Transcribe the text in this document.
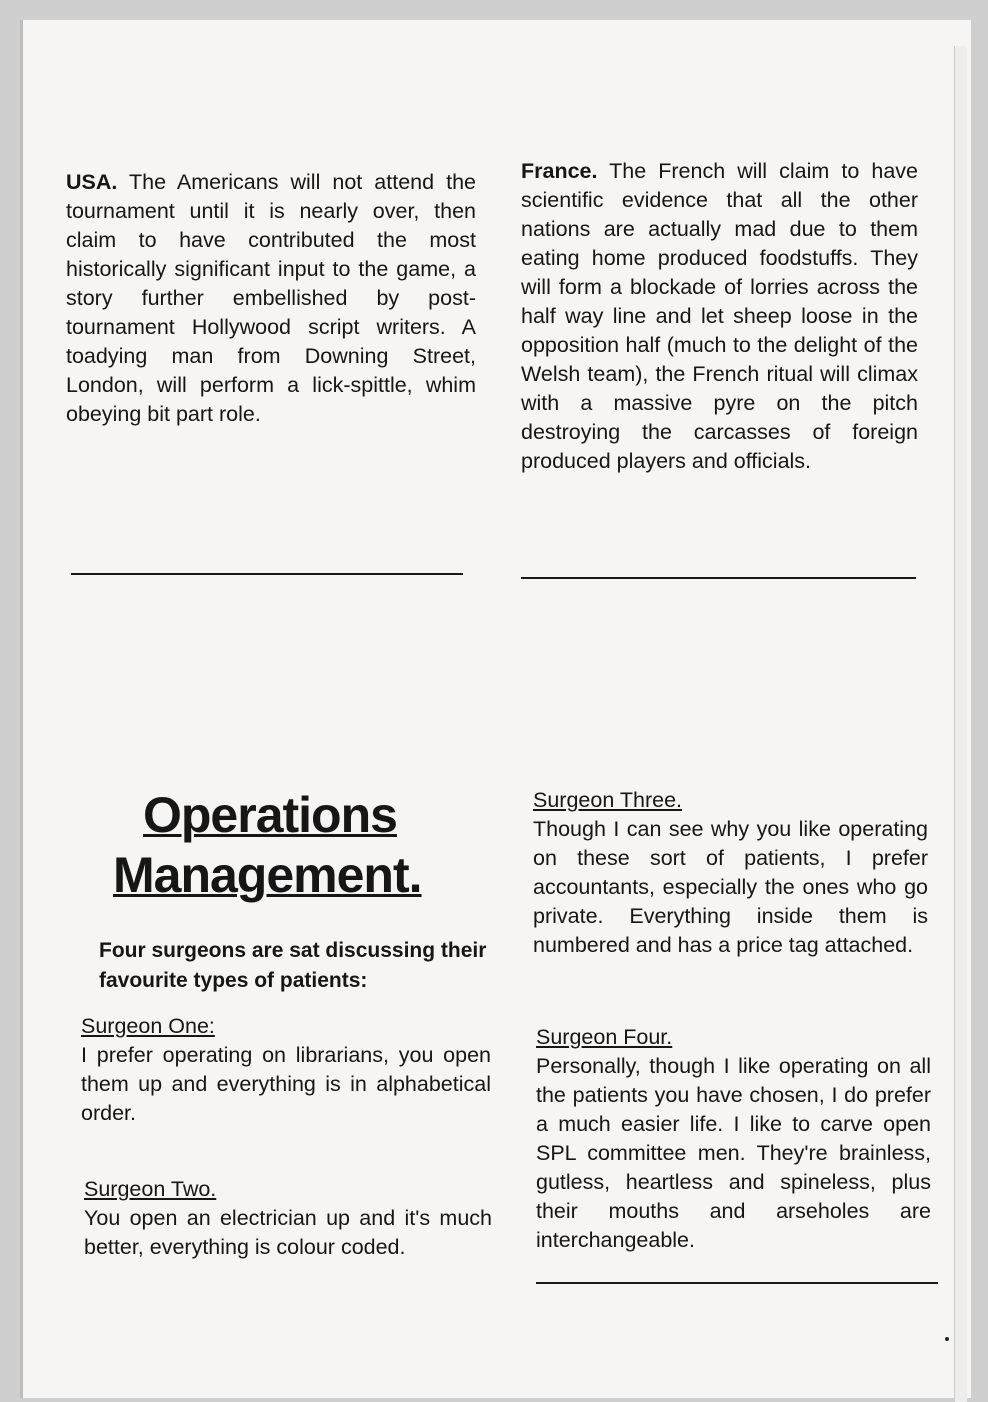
USA. The Americans will not attend the tournament until it is nearly over, then claim to have contributed the most historically significant input to the game, a story further embellished by post-tournament Hollywood script writers. A toadying man from Downing Street, London, will perform a lick-spittle, whim obeying bit part role.
France. The French will claim to have scientific evidence that all the other nations are actually mad due to them eating home produced foodstuffs. They will form a blockade of lorries across the half way line and let sheep loose in the opposition half (much to the delight of the Welsh team), the French ritual will climax with a massive pyre on the pitch destroying the carcasses of foreign produced players and officials.
Operations
Management.
Four surgeons are sat discussing their favourite types of patients:
Surgeon One:
I prefer operating on librarians, you open them up and everything is in alphabetical order.
Surgeon Two.
You open an electrician up and it's much better, everything is colour coded.
Surgeon Three.
Though I can see why you like operating on these sort of patients, I prefer accountants, especially the ones who go private. Everything inside them is numbered and has a price tag attached.
Surgeon Four.
Personally, though I like operating on all the patients you have chosen, I do prefer a much easier life. I like to carve open SPL committee men. They're brainless, gutless, heartless and spineless, plus their mouths and arseholes are interchangeable.
